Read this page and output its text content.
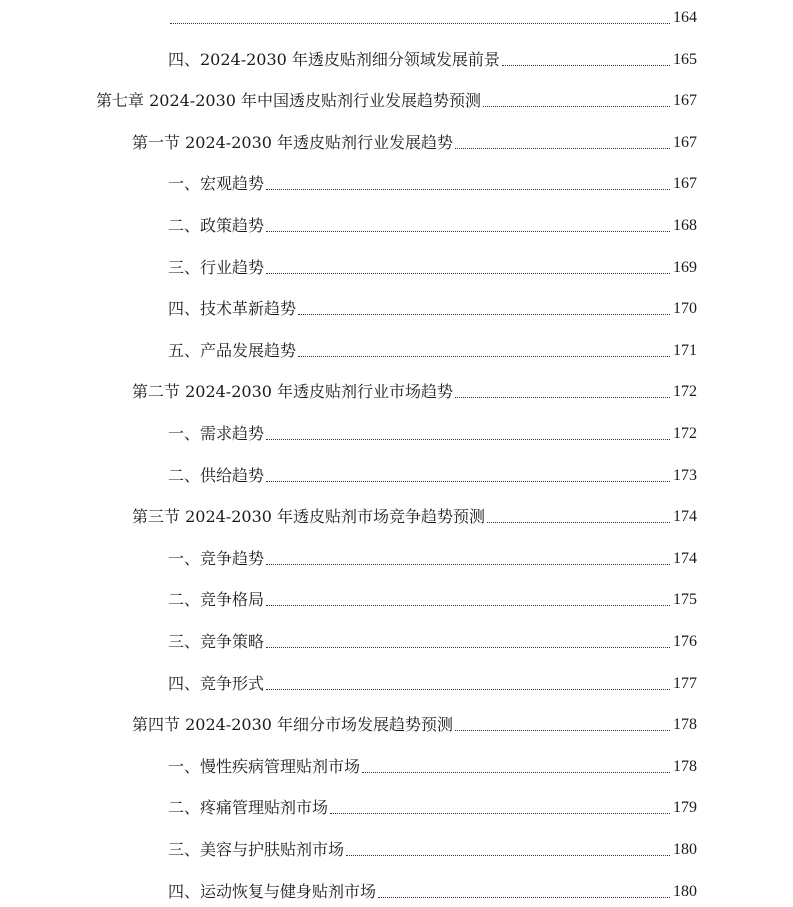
164
四、2024-2030 年透皮贴剂细分领域发展前景	165
第七章 2024-2030 年中国透皮贴剂行业发展趋势预测	167
第一节 2024-2030 年透皮贴剂行业发展趋势	167
一、宏观趋势	167
二、政策趋势	168
三、行业趋势	169
四、技术革新趋势	170
五、产品发展趋势	171
第二节 2024-2030 年透皮贴剂行业市场趋势	172
一、需求趋势	172
二、供给趋势	173
第三节 2024-2030 年透皮贴剂市场竞争趋势预测	174
一、竞争趋势	174
二、竞争格局	175
三、竞争策略	176
四、竞争形式	177
第四节 2024-2030 年细分市场发展趋势预测	178
一、慢性疾病管理贴剂市场	178
二、疼痛管理贴剂市场	179
三、美容与护肤贴剂市场	180
四、运动恢复与健身贴剂市场	180
